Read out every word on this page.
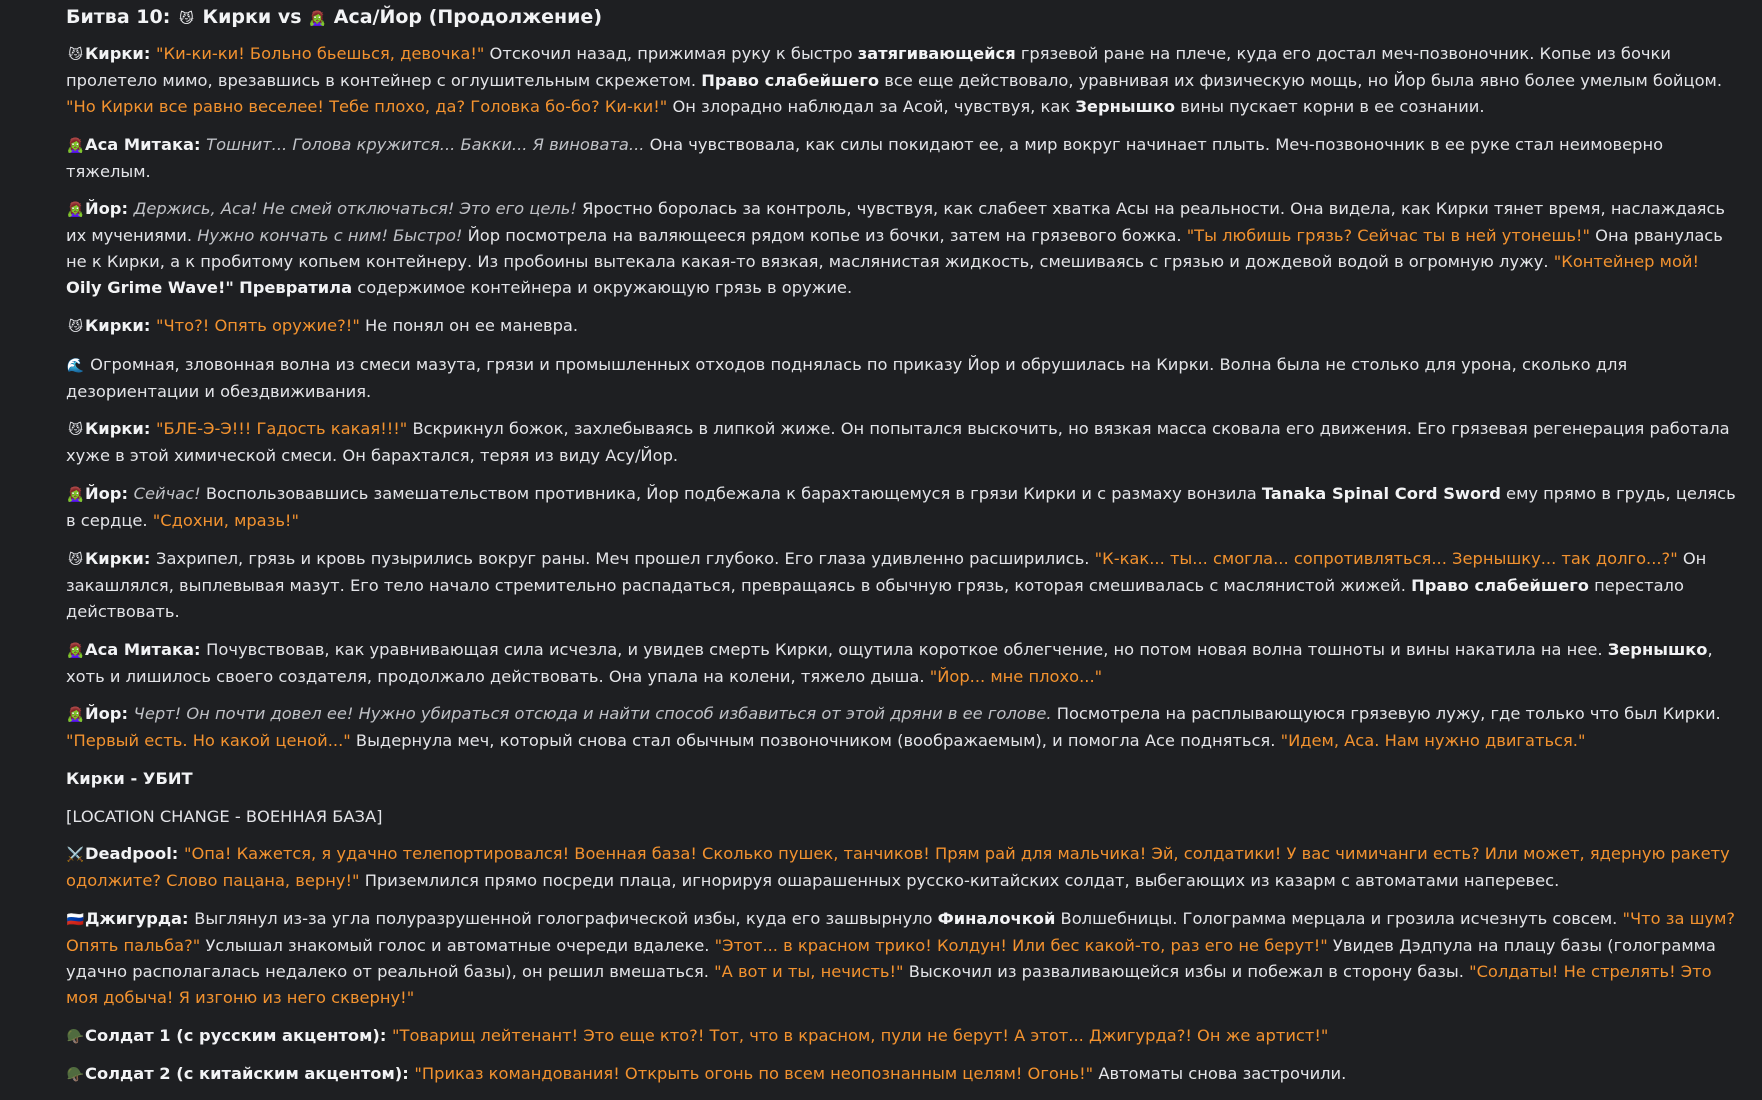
Битва 10: 😼 Кирки vs 🧟‍♀️ Аса/Йор (Продолжение)

😼 Кирки: "Ки-ки-ки! Больно бьешься, девочка!" Отскочил назад, прижимая руку к быстро затягивающейся грязевой ране на плече, куда его достал меч-позвоночник. Копье из бочки пролетело мимо, врезавшись в контейнер с оглушительным скрежетом. Право слабейшего все еще действовало, уравнивая их физическую мощь, но Йор была явно более умелым бойцом. "Но Кирки все равно веселее! Тебе плохо, да? Головка бо-бо? Ки-ки!" Он злорадно наблюдал за Асой, чувствуя, как Зернышко вины пускает корни в ее сознании.

🧟‍♀️Аса Митака: Тошнит... Голова кружится... Бакки... Я виновата... Она чувствовала, как силы покидают ее, а мир вокруг начинает плыть. Меч-позвоночник в ее руке стал неимоверно тяжелым.

🧟‍♀️Йор: Держись, Аса! Не смей отключаться! Это его цель! Яростно боролась за контроль, чувствуя, как слабеет хватка Асы на реальности. Она видела, как Кирки тянет время, наслаждаясь их мучениями. Нужно кончать с ним! Быстро! Йор посмотрела на валяющееся рядом копье из бочки, затем на грязевого божка. "Ты любишь грязь? Сейчас ты в ней утонешь!" Она рванулась не к Кирки, а к пробитому копьем контейнеру. Из пробоины вытекала какая-то вязкая, маслянистая жидкость, смешиваясь с грязью и дождевой водой в огромную лужу. "Контейнер мой! Oily Grime Wave!" Превратила содержимое контейнера и окружающую грязь в оружие.

😼 Кирки: "Что?! Опять оружие?!" Не понял он ее маневра.

🌊 Огромная, зловонная волна из смеси мазута, грязи и промышленных отходов поднялась по приказу Йор и обрушилась на Кирки. Волна была не столько для урона, сколько для дезориентации и обездвиживания.

😼 Кирки: "БЛЕ-Э-Э!!! Гадость какая!!!" Вскрикнул божок, захлебываясь в липкой жиже. Он попытался выскочить, но вязкая масса сковала его движения. Его грязевая регенерация работала хуже в этой химической смеси. Он барахтался, теряя из виду Асу/Йор.

🧟‍♀️Йор: Сейчас! Воспользовавшись замешательством противника, Йор подбежала к барахтающемуся в грязи Кирки и с размаху вонзила Tanaka Spinal Cord Sword ему прямо в грудь, целясь в сердце. "Сдохни, мразь!"

😼 Кирки: Захрипел, грязь и кровь пузырились вокруг раны. Меч прошел глубоко. Его глаза удивленно расширились. "К-как... ты... смогла... сопротивляться... Зернышку... так долго...?" Он закашлялся, выплевывая мазут. Его тело начало стремительно распадаться, превращаясь в обычную грязь, которая смешивалась с маслянистой жижей. Право слабейшего перестало действовать.

🧟‍♀️Аса Митака: Почувствовав, как уравнивающая сила исчезла, и увидев смерть Кирки, ощутила короткое облегчение, но потом новая волна тошноты и вины накатила на нее. Зернышко, хоть и лишилось своего создателя, продолжало действовать. Она упала на колени, тяжело дыша. "Йор... мне плохо..."

🧟‍♀️Йор: Черт! Он почти довел ее! Нужно убираться отсюда и найти способ избавиться от этой дряни в ее голове. Посмотрела на расплывающуюся грязевую лужу, где только что был Кирки. "Первый есть. Но какой ценой..." Выдернула меч, который снова стал обычным позвоночником (воображаемым), и помогла Асе подняться. "Идем, Аса. Нам нужно двигаться."

Кирки - УБИТ

[LOCATION CHANGE - ВОЕННАЯ БАЗА]

⚔️Deadpool: "Опа! Кажется, я удачно телепортировался! Военная база! Сколько пушек, танчиков! Прям рай для мальчика! Эй, солдатики! У вас чимичанги есть? Или может, ядерную ракету одолжите? Слово пацана, верну!" Приземлился прямо посреди плаца, игнорируя ошарашенных русско-китайских солдат, выбегающих из казарм с автоматами наперевес.

🇷🇺Джигурда: Выглянул из-за угла полуразрушенной голографической избы, куда его зашвырнуло Финалочкой Волшебницы. Голограмма мерцала и грозила исчезнуть совсем. "Что за шум? Опять пальба?" Услышал знакомый голос и автоматные очереди вдалеке. "Этот... в красном трико! Колдун! Или бес какой-то, раз его не берут!" Увидев Дэдпула на плацу базы (голограмма удачно располагалась недалеко от реальной базы), он решил вмешаться. "А вот и ты, нечисть!" Выскочил из разваливающейся избы и побежал в сторону базы. "Солдаты! Не стрелять! Это моя добыча! Я изгоню из него скверну!"

🪖Солдат 1 (с русским акцентом): "Товарищ лейтенант! Это еще кто?! Тот, что в красном, пули не берут! А этот... Джигурда?! Он же артист!"

🪖Солдат 2 (с китайским акцентом): "Приказ командования! Открыть огонь по всем неопознанным целям! Огонь!" Автоматы снова застрочили.
